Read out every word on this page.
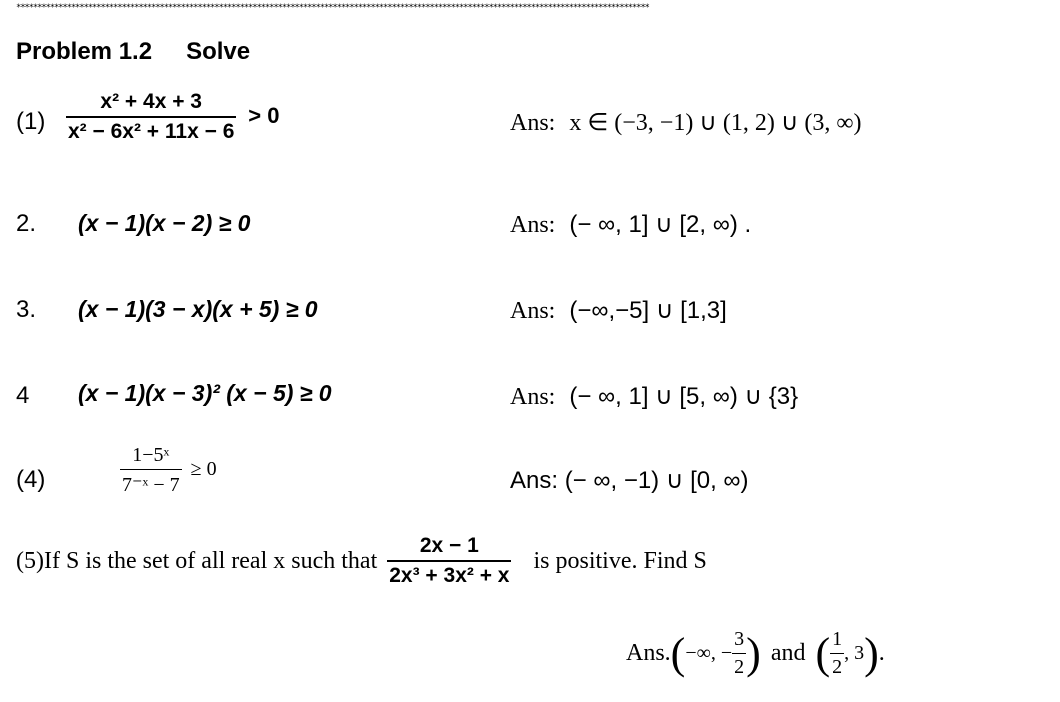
******************************************************************************************************************************************************
Problem 1.2 Solve
$(1) \frac{\text{x² + 4x + 3}}{\text{x² − 6x² + 11x − 6}} > 0$	Ans: x ∈ (−3, −1) ∪ (1, 2) ∪ (3, ∞)
2. (x − 1)(x − 2) ≥ 0	Ans: (− ∞, 1] ∪ [2, ∞) .
3. (x − 1)(3 − x)(x + 5) ≥ 0	Ans: (−∞,−5] ∪ [1,3]
4 (x − 1)(x − 3)² (x − 5) ≥ 0	Ans: (− ∞, 1] ∪ [5, ∞) ∪ {3}
(4)	$\frac{\text{1−5ˣ}}{\text{7⁻ˣ − 7}} \ge 0$	Ans: (− ∞, −1) ∪ [0, ∞)
(5)If S is the set of all real x such that $\frac{2x - 1}{\text{2x³ + 3x² + x}}$ is positive. Find S
Ans. ( −∞, − $\frac{3}{2}$ ) and ( $\frac{1}{2}$ , 3 ) .
